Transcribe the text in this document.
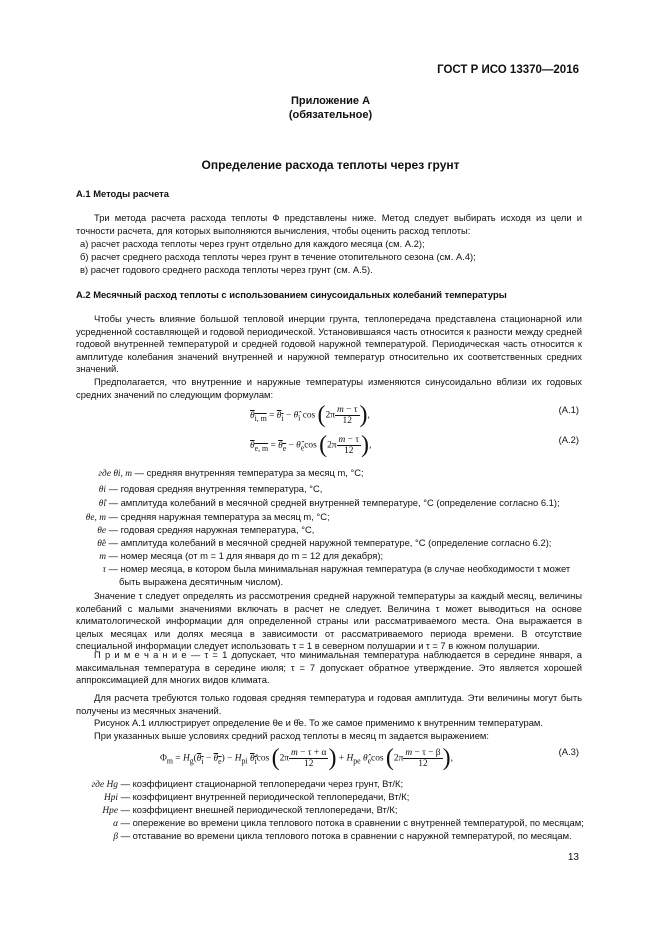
ГОСТ Р ИСО 13370—2016
Приложение А
(обязательное)
Определение расхода теплоты через грунт
А.1 Методы расчета
Три метода расчета расхода теплоты Ф представлены ниже. Метод следует выбирать исходя из цели и точности расчета, для которых выполняются вычисления, чтобы оценить расход теплоты:
а) расчет расхода теплоты через грунт отдельно для каждого месяца (см. А.2);
б) расчет среднего расхода теплоты через грунт в течение отопительного сезона (см. А.4);
в) расчет годового среднего расхода теплоты через грунт (см. А.5).
А.2 Месячный расход теплоты с использованием синусоидальных колебаний температуры
Чтобы учесть влияние большой тепловой инерции грунта, теплопередача представлена стационарной или усредненной составляющей и годовой периодической. Установившаяся часть относится к разности между средней годовой внутренней температурой и средней годовой наружной температурой. Периодическая часть относится к амплитуде колебания значений внутренней и наружной температур относительно их соответственных средних значений.
Предполагается, что внутренние и наружные температуры изменяются синусоидально вблизи их годовых средних значений по следующим формулам:
$\theta_{i, m} = \theta_i$ − $\thetâ_i$ $\cos (2\pi \frac{m - \tau}{12}$ ),
(А.1)
$\theta_{e, m} = \theta_e$ − $\thetâ_e\cos$ ($2\pi \frac{m - \tau}{12}$ ),
(А.2)
где θi, m — средняя внутренняя температура за месяц m, °С;
θi — годовая средняя внутренняя температура, °С,
θ̂i — амплитуда колебаний в месячной средней внутренней температуре, °С (определение согласно 6.1);
θe, m — средняя наружная температура за месяц m, °С;
θe — годовая средняя наружная температура, °С,
θ̂e — амплитуда колебаний в месячной средней наружной температуре, °С (определение согласно 6.2);
m — номер месяца (от m = 1 для января до m = 12 для декабря);
τ — номер месяца, в котором была минимальная наружная температура (в случае необходимости τ может
быть выражена десятичным числом).
Значение τ следует определять из рассмотрения средней наружной температуры за каждый месяц, величины колебаний с малыми значениями включать в расчет не следует. Величина τ может выводиться на основе климатологической информации для определенной страны или рассматриваемого места. Она выражается в целых месяцах или долях месяца в зависимости от рассматриваемого периода времени. В отсутствие специальной информации следует использовать τ = 1 в северном полушарии и τ = 7 в южном полушарии.
П р и м е ч а н и е — τ = 1 допускает, что минимальная температура наблюдается в середине января, а максимальная температура в середине июля; τ = 7 допускает обратное утверждение. Это является хорошей аппроксимацией для многих видов климата.
Для расчета требуются только годовая средняя температура и годовая амплитуда. Эти величины могут быть получены из месячных значений.
Рисунок А.1 иллюстрирует определение θe и θ̂e. То же самое применимо к внутренним температурам.
При указанных выше условиях средний расход теплоты в месяц m задается выражением:
$\Phi_m = H_g(\theta_i - \theta_e) - H_{pi}$ $\thetâ_i\cos$ ($2\pi \frac{m - \tau + \alpha}{12}$ ) + $H_{pe}$ $\thetâ_e\cos$ ($2\pi \frac{m - \tau - \beta}{12}$ ),
(А.3)
где Hg — коэффициент стационарной теплопередачи через грунт, Вт/К;
Hpi — коэффициент внутренней периодической теплопередачи, Вт/К;
Hpe — коэффициент внешней периодической теплопередачи, Вт/К;
α — опережение во времени цикла теплового потока в сравнении с внутренней температурой, по месяцам;
β — отставание во времени цикла теплового потока в сравнении с наружной температурой, по месяцам.
13
